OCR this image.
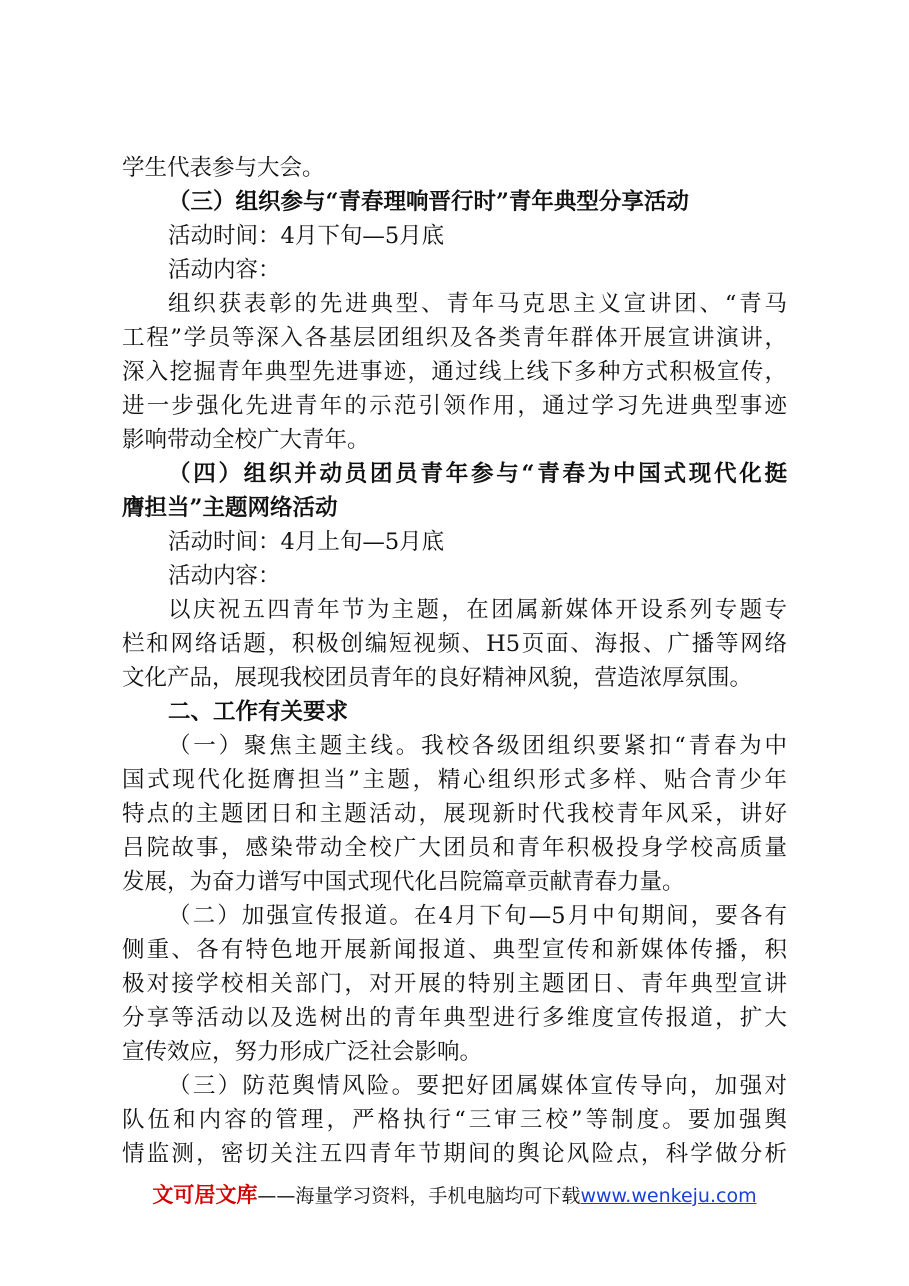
学生代表参与大会。
（三）组织参与“青春理响晋行时”青年典型分享活动
活动时间：4月下旬—5月底
活动内容：
组织获表彰的先进典型、青年马克思主义宣讲团、“青马
工程”学员等深入各基层团组织及各类青年群体开展宣讲演讲，
深入挖掘青年典型先进事迹，通过线上线下多种方式积极宣传，
进一步强化先进青年的示范引领作用，通过学习先进典型事迹
影响带动全校广大青年。
（四）组织并动员团员青年参与“青春为中国式现代化挺
膺担当”主题网络活动
活动时间：4月上旬—5月底
活动内容：
以庆祝五四青年节为主题，在团属新媒体开设系列专题专
栏和网络话题，积极创编短视频、H5页面、海报、广播等网络
文化产品，展现我校团员青年的良好精神风貌，营造浓厚氛围。
二、工作有关要求
（一）聚焦主题主线。我校各级团组织要紧扣“青春为中
国式现代化挺膺担当”主题，精心组织形式多样、贴合青少年
特点的主题团日和主题活动，展现新时代我校青年风采，讲好
吕院故事，感染带动全校广大团员和青年积极投身学校高质量
发展，为奋力谱写中国式现代化吕院篇章贡献青春力量。
（二）加强宣传报道。在4月下旬—5月中旬期间，要各有
侧重、各有特色地开展新闻报道、典型宣传和新媒体传播，积
极对接学校相关部门，对开展的特别主题团日、青年典型宣讲
分享等活动以及选树出的青年典型进行多维度宣传报道，扩大
宣传效应，努力形成广泛社会影响。
（三）防范舆情风险。要把好团属媒体宣传导向，加强对
队伍和内容的管理，严格执行“三审三校”等制度。要加强舆
情监测，密切关注五四青年节期间的舆论风险点，科学做分析
文可居文库——海量学习资料，手机电脑均可下载www.wenkeju.com
